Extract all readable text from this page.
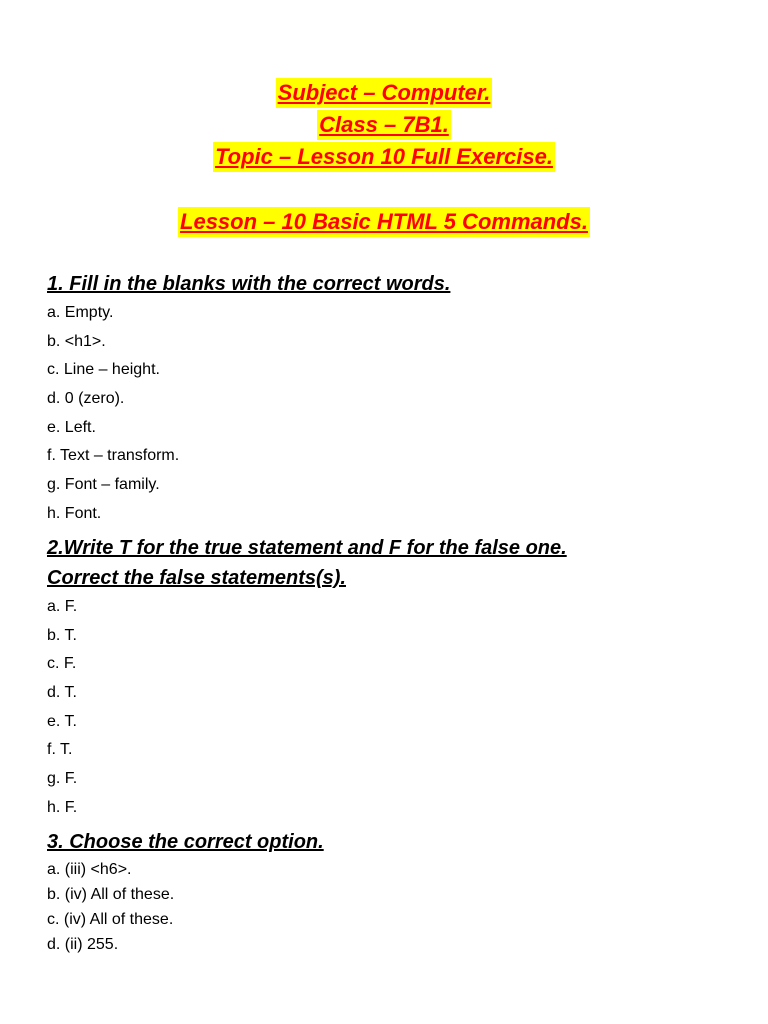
Subject – Computer.
Class – 7B1.
Topic – Lesson 10 Full Exercise.
Lesson – 10 Basic HTML 5 Commands.

1. Fill in the blanks with the correct words.

a. Empty.
b. <h1>.
c. Line – height.
d. 0 (zero).
e. Left.
f. Text – transform.
g. Font – family.
h. Font.

2.Write T for the true statement and F for the false one.

Correct the false statements(s).

a. F.
b. T.
c. F.
d. T.
e. T.
f. T.
g. F.
h. F.

3. Choose the correct option.

a. (iii) <h6>.
b. (iv) All of these.
c. (iv) All of these.
d. (ii) 255.
